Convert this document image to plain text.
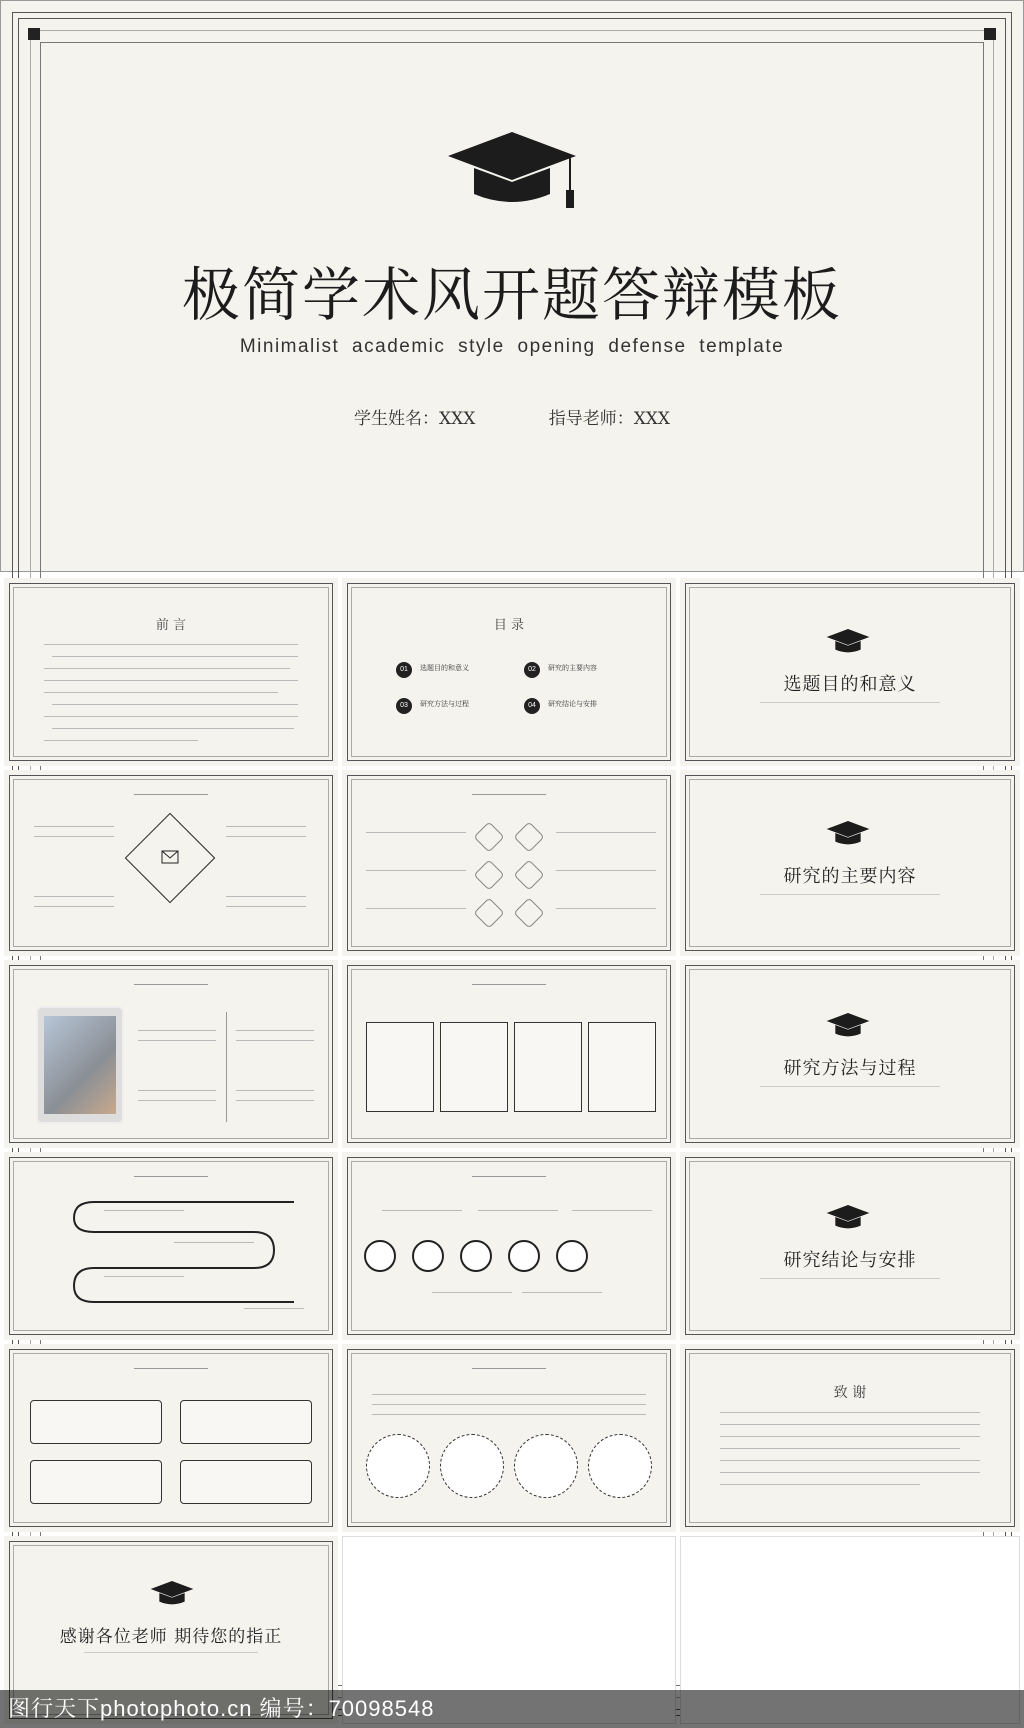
极简学术风开题答辩模板
Minimalist academic style opening defense template
学生姓名：XXX	指导老师：XXX
前 言	目 录
01	选题目的和意义	02	研究的主要内容
03	研究方法与过程	04	研究结论与安排
选题目的和意义
研究的主要内容
研究方法与过程
研究结论与安排
致 谢
感谢各位老师 期待您的指正
图行天下photophoto.cn 编号：70098548
